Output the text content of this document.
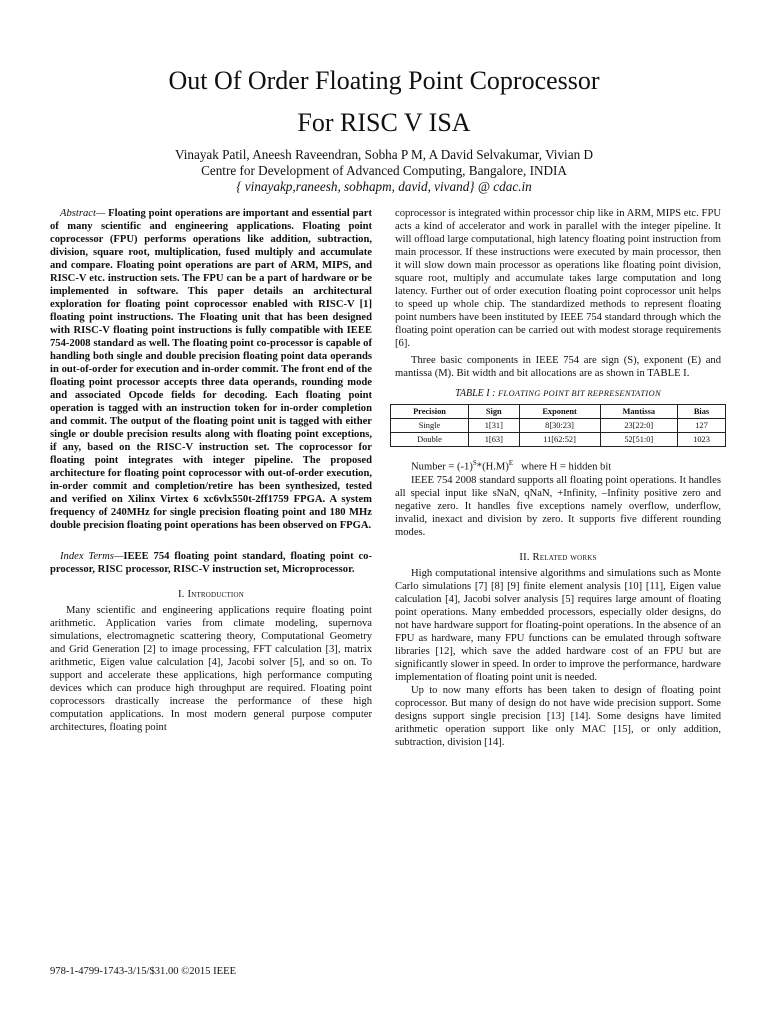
Out Of Order Floating Point Coprocessor
For RISC V ISA
Vinayak Patil, Aneesh Raveendran, Sobha P M, A David Selvakumar, Vivian D
Centre for Development of Advanced Computing, Bangalore, INDIA
{ vinayakp,raneesh, sobhapm, david, vivand} @ cdac.in

Abstract— Floating point operations are important and essential part of many scientific and engineering applications. Floating point coprocessor (FPU) performs operations like addition, subtraction, division, square root, multiplication, fused multiply and accumulate and compare. Floating point operations are part of ARM, MIPS, and RISC-V etc. instruction sets. The FPU can be a part of hardware or be implemented in software. This paper details an architectural exploration for floating point coprocessor enabled with RISC-V [1] floating point instructions. The Floating unit that has been designed with RISC-V floating point instructions is fully compatible with IEEE 754-2008 standard as well. The floating point co-processor is capable of handling both single and double precision floating point data operands in out-of-order for execution and in-order commit. The front end of the floating point processor accepts three data operands, rounding mode and associated Opcode fields for decoding. Each floating point operation is tagged with an instruction token for in-order completion and commit. The output of the floating point unit is tagged with either single or double precision results along with floating point exceptions, if any, based on the RISC-V instruction set. The coprocessor for floating point integrates with integer pipeline. The proposed architecture for floating point coprocessor with out-of-order execution, in-order commit and completion/retire has been synthesized, tested and verified on Xilinx Virtex 6 xc6vlx550t-2ff1759 FPGA. A system frequency of 240MHz for single precision floating point and 180 MHz double precision floating point operations has been observed on FPGA.

Index Terms—IEEE 754 floating point standard, floating point co-processor, RISC processor, RISC-V instruction set, Microprocessor.

I. Introduction

Many scientific and engineering applications require floating point arithmetic. Application varies from climate modeling, supernova simulations, electromagnetic scattering theory, Computational Geometry and Grid Generation [2] to image processing, FFT calculation [3], matrix arithmetic, Eigen value calculation [4], Jacobi solver [5], and so on. To support and accelerate these applications, high performance computing devices which can produce high throughput are required. Floating point coprocessors drastically increase the performance of these high computation applications. In most modern general purpose computer architectures, floating point

coprocessor is integrated within processor chip like in ARM, MIPS etc. FPU acts a kind of accelerator and work in parallel with the integer pipeline. It will offload large computational, high latency floating point instruction from main processor. If these instructions were executed by main processor, then it will slow down main processor as operations like floating point division, square root, multiply and accumulate takes large computation and long latency. Further out of order execution floating point coprocessor unit helps to speed up whole chip. The standardized methods to represent floating point numbers have been instituted by IEEE 754 standard through which the floating point operation can be carried out with modest storage requirements [6].

Three basic components in IEEE 754 are sign (S), exponent (E) and mantissa (M). Bit width and bit allocations are as shown in TABLE I.

TABLE I : FLOATING POINT BIT REPRESENTATION
Precision	Sign	Exponent	Mantissa	Bias
Single	1[31]	8[30:23]	23[22:0]	127
Double	1[63]	11[62:52]	52[51:0]	1023

Number = $(-1)^S*(H.M)^E$   where H = hidden bit

IEEE 754 2008 standard supports all floating point operations. It handles all special input like sNaN, qNaN, +Infinity, –Infinity positive zero and negative zero. It handles five exceptions namely overflow, underflow, invalid, inexact and division by zero. It supports five different rounding modes.

II. Related works

High computational intensive algorithms and simulations such as Monte Carlo simulations [7] [8] [9] finite element analysis [10] [11], Eigen value calculation [4], Jacobi solver analysis [5] requires large amount of floating point operations. Many embedded processors, especially older designs, do not have hardware support for floating-point operations. In the absence of an FPU as hardware, many FPU functions can be emulated through software libraries [12], which save the added hardware cost of an FPU but are significantly slower in speed. In order to improve the performance, hardware implementation of floating point unit is needed.

Up to now many efforts has been taken to design of floating point coprocessor. But many of design do not have wide precision support. Some designs support single precision [13] [14]. Some designs have limited arithmetic operation support like only MAC [15], or only addition, subtraction, division [14].

978-1-4799-1743-3/15/$31.00 ©2015 IEEE
